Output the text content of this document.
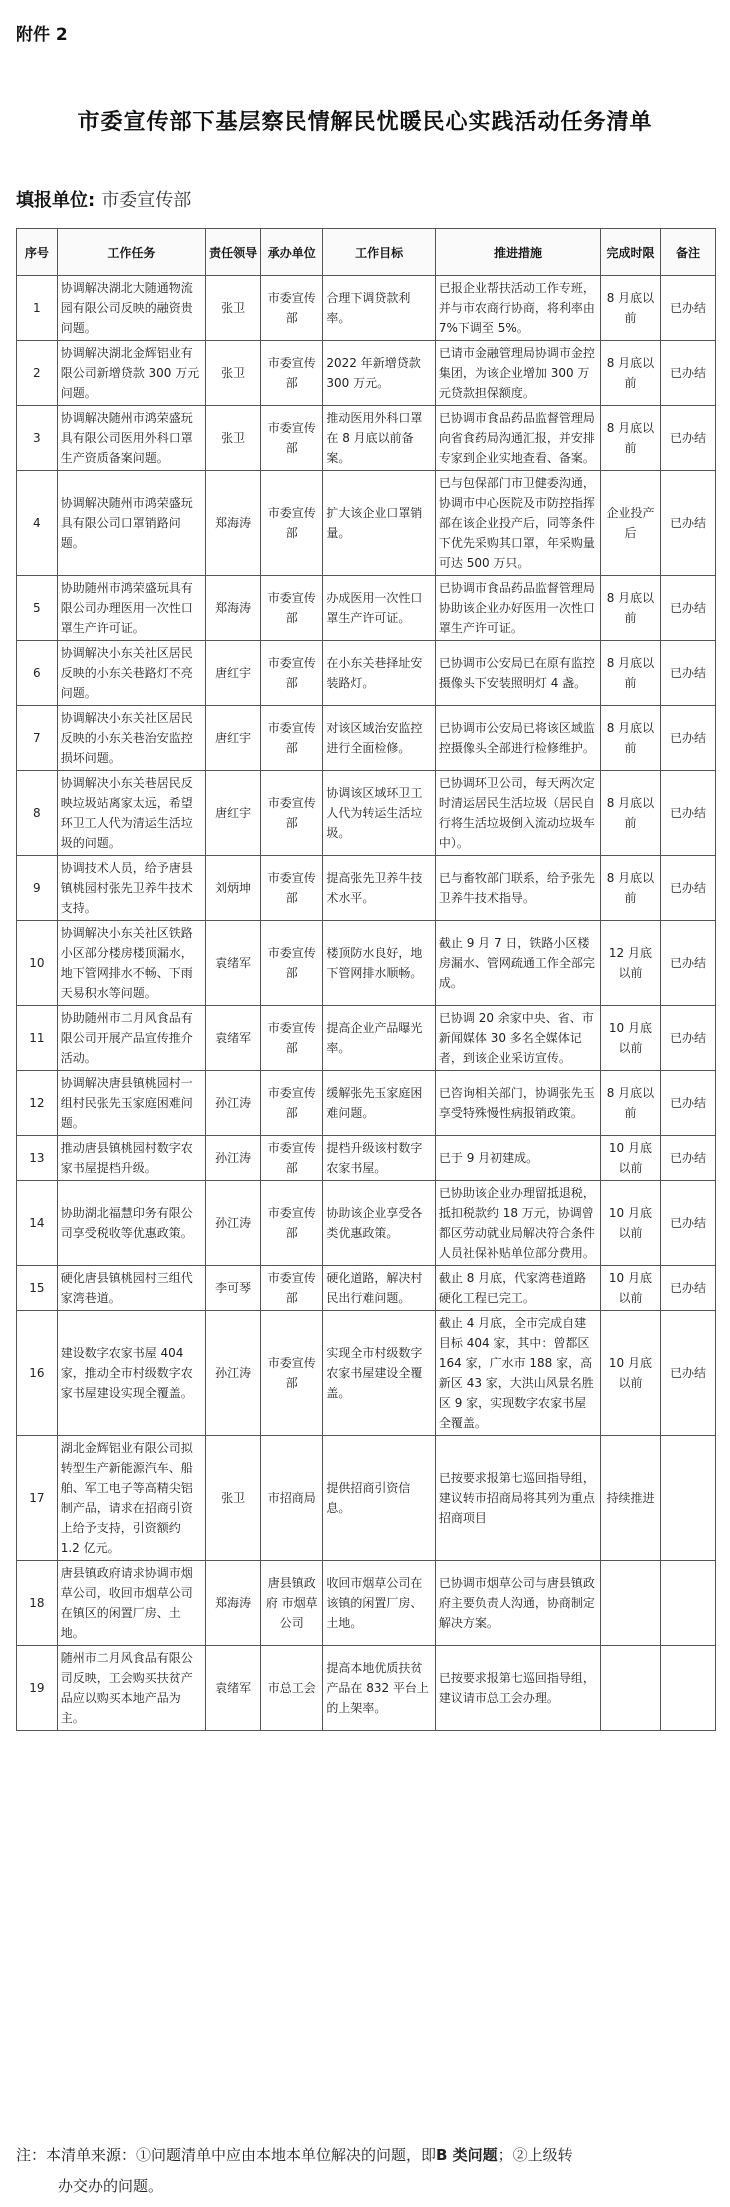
附件 2
市委宣传部下基层察民情解民忧暖民心实践活动任务清单
填报单位: 市委宣传部
序号	工作任务	责任领导	承办单位	工作目标	推进措施	完成时限	备注
1	协调解决湖北大随通物流园有限公司反映的融资贵问题。	张卫	市委宣传部	合理下调贷款利率。	已报企业帮扶活动工作专班，并与市农商行协商，将利率由 7%下调至 5%。	8 月底以前	已办结
2	协调解决湖北金辉铝业有限公司新增贷款 300 万元问题。	张卫	市委宣传部	2022 年新增贷款 300 万元。	已请市金融管理局协调市金控集团，为该企业增加 300 万元贷款担保额度。	8 月底以前	已办结
3	协调解决随州市鸿荣盛玩具有限公司医用外科口罩生产资质备案问题。	张卫	市委宣传部	推动医用外科口罩在 8 月底以前备案。	已协调市食品药品监督管理局向省食药局沟通汇报，并安排专家到企业实地查看、备案。	8 月底以前	已办结
4	协调解决随州市鸿荣盛玩具有限公司口罩销路问题。	郑海涛	市委宣传部	扩大该企业口罩销量。	已与包保部门市卫健委沟通，协调市中心医院及市防控指挥部在该企业投产后，同等条件下优先采购其口罩，年采购量可达 500 万只。	企业投产后	已办结
5	协助随州市鸿荣盛玩具有限公司办理医用一次性口罩生产许可证。	郑海涛	市委宣传部	办成医用一次性口罩生产许可证。	已协调市食品药品监督管理局协助该企业办好医用一次性口罩生产许可证。	8 月底以前	已办结
6	协调解决小东关社区居民反映的小东关巷路灯不亮问题。	唐红宇	市委宣传部	在小东关巷择址安装路灯。	已协调市公安局已在原有监控摄像头下安装照明灯 4 盏。	8 月底以前	已办结
7	协调解决小东关社区居民反映的小东关巷治安监控损坏问题。	唐红宇	市委宣传部	对该区域治安监控进行全面检修。	已协调市公安局已将该区域监控摄像头全部进行检修维护。	8 月底以前	已办结
8	协调解决小东关巷居民反映垃圾站离家太远，希望环卫工人代为清运生活垃圾的问题。	唐红宇	市委宣传部	协调该区域环卫工人代为转运生活垃圾。	已协调环卫公司，每天两次定时清运居民生活垃圾（居民自行将生活垃圾倒入流动垃圾车中）。	8 月底以前	已办结
9	协调技术人员，给予唐县镇桃园村张先卫养牛技术支持。	刘炳坤	市委宣传部	提高张先卫养牛技术水平。	已与畜牧部门联系，给予张先卫养牛技术指导。	8 月底以前	已办结
10	协调解决小东关社区铁路小区部分楼房楼顶漏水，地下管网排水不畅、下雨天易积水等问题。	袁绪军	市委宣传部	楼顶防水良好，地下管网排水顺畅。	截止 9 月 7 日，铁路小区楼房漏水、管网疏通工作全部完成。	12 月底以前	已办结
11	协助随州市二月风食品有限公司开展产品宣传推介活动。	袁绪军	市委宣传部	提高企业产品曝光率。	已协调 20 余家中央、省、市新闻媒体 30 多名全媒体记者，到该企业采访宣传。	10 月底以前	已办结
12	协调解决唐县镇桃园村一组村民张先玉家庭困难问题。	孙江涛	市委宣传部	缓解张先玉家庭困难问题。	已咨询相关部门，协调张先玉享受特殊慢性病报销政策。	8 月底以前	已办结
13	推动唐县镇桃园村数字农家书屋提档升级。	孙江涛	市委宣传部	提档升级该村数字农家书屋。	已于 9 月初建成。	10 月底以前	已办结
14	协助湖北福慧印务有限公司享受税收等优惠政策。	孙江涛	市委宣传部	协助该企业享受各类优惠政策。	已协助该企业办理留抵退税，抵扣税款约 18 万元，协调曾都区劳动就业局解决符合条件人员社保补贴单位部分费用。	10 月底以前	已办结
15	硬化唐县镇桃园村三组代家湾巷道。	李可琴	市委宣传部	硬化道路，解决村民出行难问题。	截止 8 月底，代家湾巷道路硬化工程已完工。	10 月底以前	已办结
16	建设数字农家书屋 404 家，推动全市村级数字农家书屋建设实现全覆盖。	孙江涛	市委宣传部	实现全市村级数字农家书屋建设全覆盖。	截止 4 月底，全市完成自建目标 404 家，其中：曾都区 164 家，广水市 188 家，高新区 43 家，大洪山风景名胜区 9 家，实现数字农家书屋全覆盖。	10 月底以前	已办结
17	湖北金辉铝业有限公司拟转型生产新能源汽车、船舶、军工电子等高精尖铝制产品，请求在招商引资上给予支持，引资额约 1.2 亿元。	张卫	市招商局	提供招商引资信息。	已按要求报第七巡回指导组，建议转市招商局将其列为重点招商项目	持续推进	
18	唐县镇政府请求协调市烟草公司，收回市烟草公司在镇区的闲置厂房、土地。	郑海涛	唐县镇政府 市烟草公司	收回市烟草公司在该镇的闲置厂房、土地。	已协调市烟草公司与唐县镇政府主要负责人沟通，协商制定解决方案。		
19	随州市二月风食品有限公司反映，工会购买扶贫产品应以购买本地产品为主。	袁绪军	市总工会	提高本地优质扶贫产品在 832 平台上的上架率。	已按要求报第七巡回指导组，建议请市总工会办理。		
注：本清单来源：①问题清单中应由本地本单位解决的问题，即B 类问题；②上级转
办交办的问题。
